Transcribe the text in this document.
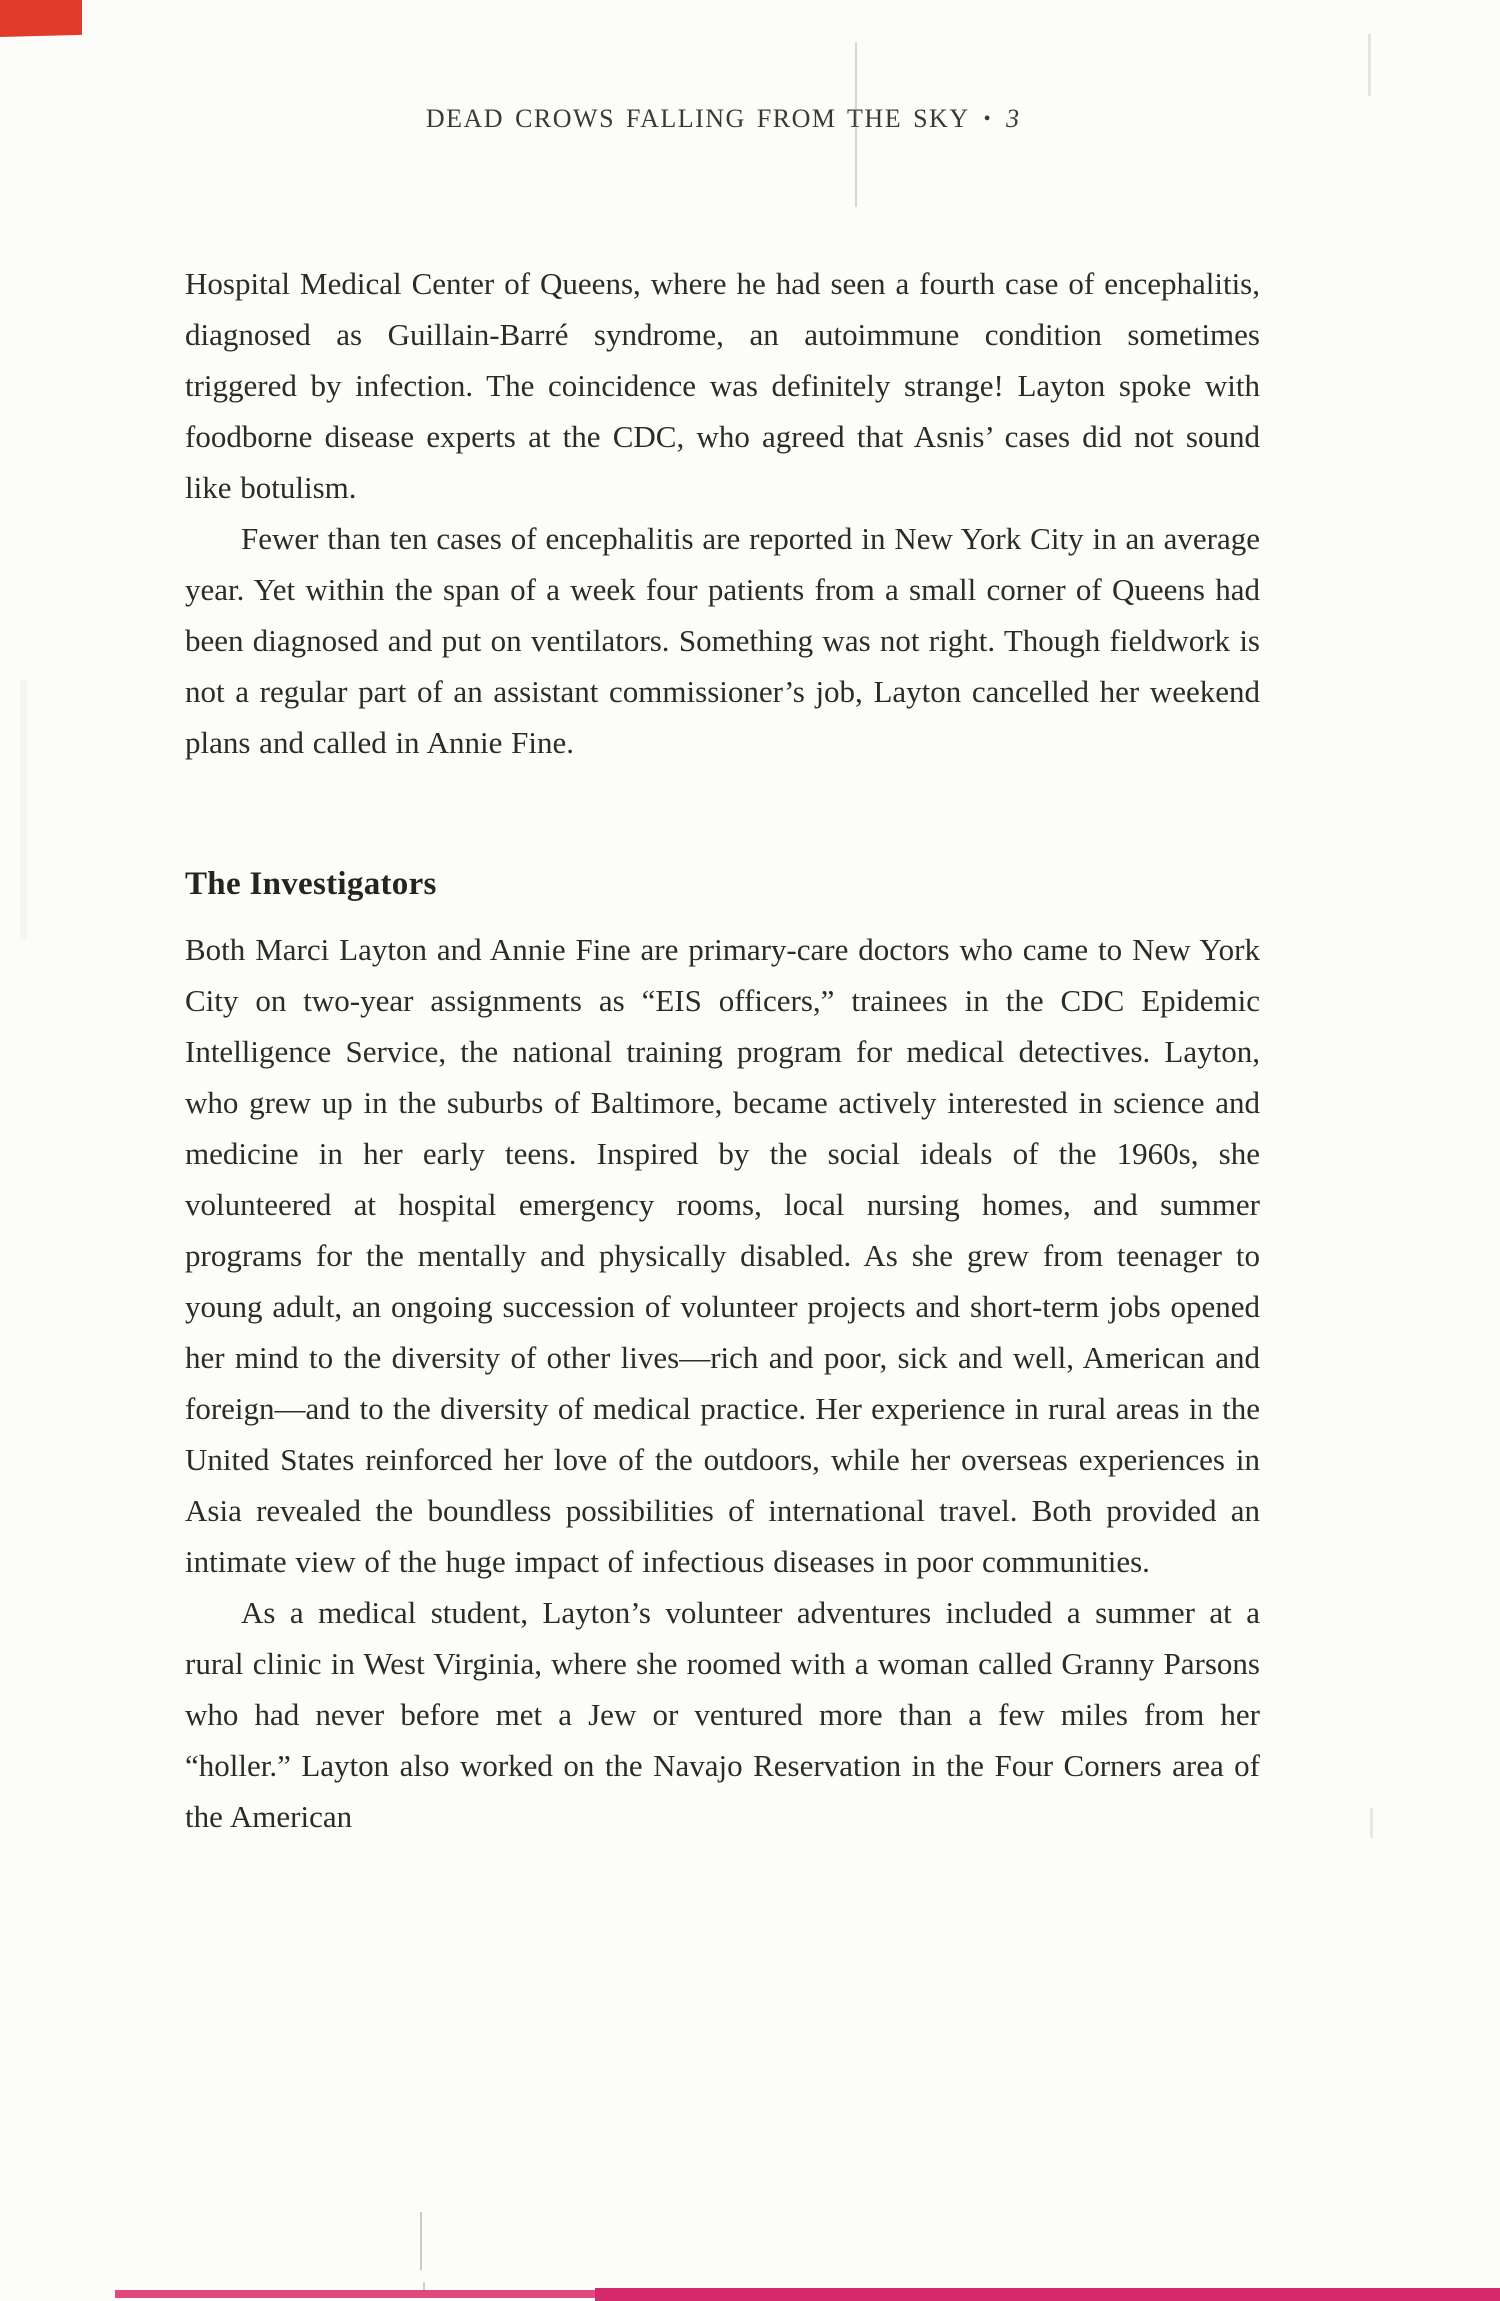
DEAD CROWS FALLING FROM THE SKY • 3

Hospital Medical Center of Queens, where he had seen a fourth case of encephalitis, diagnosed as Guillain-Barré syndrome, an autoimmune condition sometimes triggered by infection. The coincidence was definitely strange! Layton spoke with foodborne disease experts at the CDC, who agreed that Asnis’ cases did not sound like botulism.

Fewer than ten cases of encephalitis are reported in New York City in an average year. Yet within the span of a week four patients from a small corner of Queens had been diagnosed and put on ventilators. Something was not right. Though fieldwork is not a regular part of an assistant commissioner’s job, Layton cancelled her weekend plans and called in Annie Fine.

The Investigators

Both Marci Layton and Annie Fine are primary-care doctors who came to New York City on two-year assignments as “EIS officers,” trainees in the CDC Epidemic Intelligence Service, the national training program for medical detectives. Layton, who grew up in the suburbs of Baltimore, became actively interested in science and medicine in her early teens. Inspired by the social ideals of the 1960s, she volunteered at hospital emergency rooms, local nursing homes, and summer programs for the mentally and physically disabled. As she grew from teenager to young adult, an ongoing succession of volunteer projects and short-term jobs opened her mind to the diversity of other lives—rich and poor, sick and well, American and foreign—and to the diversity of medical practice. Her experience in rural areas in the United States reinforced her love of the outdoors, while her overseas experiences in Asia revealed the boundless possibilities of international travel. Both provided an intimate view of the huge impact of infectious diseases in poor communities.

As a medical student, Layton’s volunteer adventures included a summer at a rural clinic in West Virginia, where she roomed with a woman called Granny Parsons who had never before met a Jew or ventured more than a few miles from her “holler.” Layton also worked on the Navajo Reservation in the Four Corners area of the American
